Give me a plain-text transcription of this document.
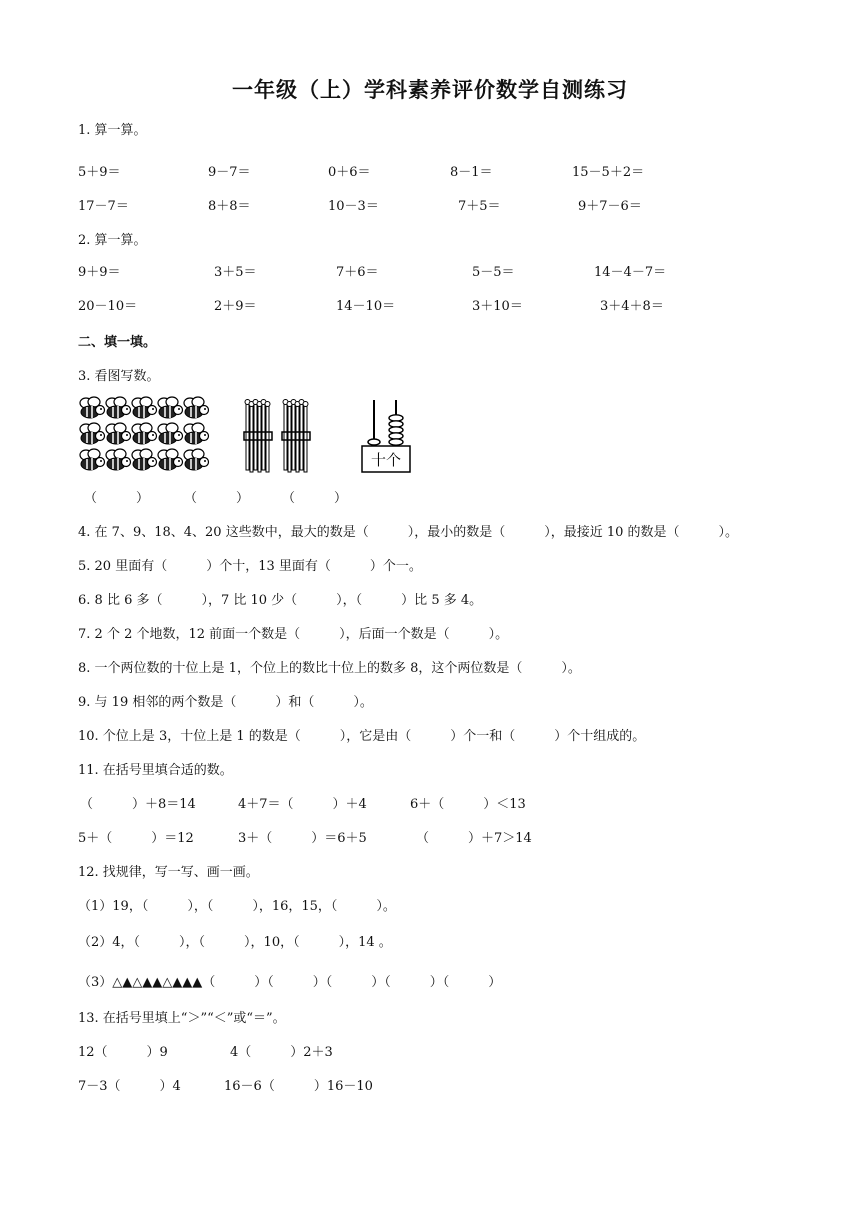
一年级（上）学科素养评价数学自测练习
1. 算一算。
5＋9＝	9－7＝	0＋6＝	8－1＝	15－5＋2＝
17－7＝	8＋8＝	10－3＝	7＋5＝	9＋7－6＝
2. 算一算。
9＋9＝	3＋5＝	7＋6＝	5－5＝	14－4－7＝
20－10＝	2＋9＝	14－10＝	3＋10＝	3＋4＋8＝
二、填一填。
3. 看图写数。
十个
（　　　）	（　　　）	（　　　）
4. 在 7、9、18、4、20 这些数中，最大的数是（　　　），最小的数是（　　　），最接近 10 的数是（　　　）。
5. 20 里面有（　　　）个十，13 里面有（　　　）个一。
6. 8 比 6 多（　　　），7 比 10 少（　　　），（　　　）比 5 多 4。
7. 2 个 2 个地数，12 前面一个数是（　　　），后面一个数是（　　　）。
8. 一个两位数的十位上是 1，个位上的数比十位上的数多 8，这个两位数是（　　　）。
9. 与 19 相邻的两个数是（　　　）和（　　　）。
10. 个位上是 3，十位上是 1 的数是（　　　），它是由（　　　）个一和（　　　）个十组成的。
11. 在括号里填合适的数。
（　　　）＋8＝14	4＋7＝（　　　）＋4	6＋（　　　）＜13
5＋（　　　）＝12	3＋（　　　）＝6＋5	（　　　）＋7＞14
12. 找规律，写一写、画一画。
（1）19，（　　　），（　　　），16，15，（　　　）。
（2）4，（　　　），（　　　），10，（　　　），14 。
（3）△▲△▲▲△▲▲▲（　　　）（　　　）（　　　）（　　　）（　　　）
13. 在括号里填上“＞”“＜”或“＝”。
12（　　　）9	4（　　　）2＋3
7－3（　　　）4	16－6（　　　）16－10
